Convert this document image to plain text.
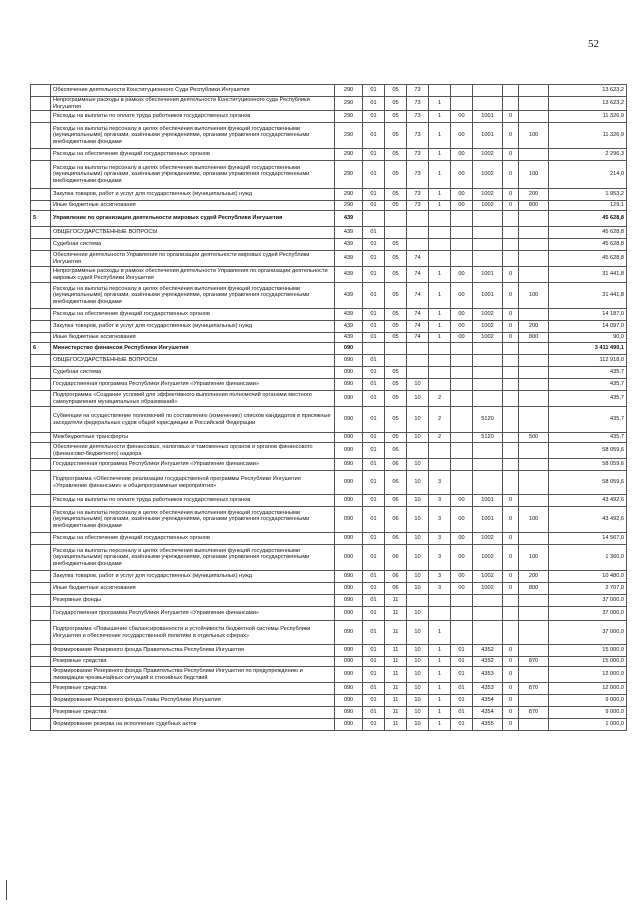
52
	Обеспечение деятельности Конституционного Суда Республики Ингушетия	290	01	05	73						13 623,2
	Непрограммные расходы в рамках обеспечения деятельности Конституционного суда Республики Ингушетия	290	01	05	73	1					13 623,2
	Расходы на выплаты по оплате труда работников государственных органов	290	01	05	73	1	00	1001	0		11 326,9
	Расходы на выплаты персоналу в целях обеспечения выполнения функций государственными (муниципальными) органами, казёнными учреждениями, органами управления государственными внебюджетными фондами	290	01	05	73	1	00	1001	0	100	11 326,9
	Расходы на обеспечение функций государственных органов	290	01	05	73	1	00	1002	0		2 296,3
	Расходы на выплаты персоналу в целях обеспечения выполнения функций государственными (муниципальными) органами, казёнными учреждениями, органами управления государственными внебюджетными фондами	290	01	05	73	1	00	1002	0	100	214,0
	Закупка товаров, работ и услуг для государственных (муниципальных) нужд	290	01	05	73	1	00	1002	0	200	1 953,2
	Иные бюджетные ассигнования	290	01	05	73	1	00	1002	0	800	129,1
5	Управление по организации деятельности мировых судей Республики Ингушетия	439									45 628,8
	ОБЩЕГОСУДАРСТВЕННЫЕ ВОПРОСЫ	439	01								45 628,8
	Судебная система	439	01	05							45 628,8
	Обеспечение деятельности Управления по организации деятельности мировых судей Республики Ингушетия	439	01	05	74						45 628,8
	Непрограммные расходы в рамках обеспечения деятельности Управления по организации деятельности мировых судей Республики Ингушетия	439	01	05	74	1	00	1001	0		31 441,8
	Расходы на выплаты персоналу в целях обеспечения выполнения функций государственными (муниципальными) органами, казёнными учреждениями, органами управления государственными внебюджетными фондами	439	01	05	74	1	00	1001	0	100	31 441,8
	Расходы на обеспечение функций государственных органов	439	01	05	74	1	00	1002	0		14 187,0
	Закупка товаров, работ и услуг для государственных (муниципальных) нужд	439	01	05	74	1	00	1002	0	200	14 097,0
	Иные бюджетные ассигнования	439	01	05	74	1	00	1002	0	800	90,0
6	Министерство финансов Республики Ингушетия	090									3 411 490,1
	ОБЩЕГОСУДАРСТВЕННЫЕ ВОПРОСЫ	090	01								112 918,0
	Судебная система	090	01	05							435,7
	Государственная программа Республики Ингушетия «Управление финансами»	090	01	05	10						435,7
	Подпрограмма «Создание условий для эффективного выполнения полномочий органами местного самоуправления муниципальных образований»	090	01	05	10	2					435,7
	Субвенции на осуществление полномочий по составлению (изменению) списков кандидатов в присяжные заседатели федеральных судов общей юрисдикции в Российской Федерации	090	01	05	10	2		5120			435,7
	Межбюджетные трансферты	090	01	05	10	2		5120		500	435,7
	Обеспечение деятельности финансовых, налоговых и таможенных органов и органов финансового (финансово-бюджетного) надзора	090	01	06							58 059,6
	Государственная программа Республики Ингушетия «Управление финансами»	090	01	06	10						58 059,6
	Подпрограмма «Обеспечение реализации государственной программы Республики Ингушетия «Управление финансами» и общепрограммные мероприятия»	090	01	06	10	3					58 059,6
	Расходы на выплаты по оплате труда работников государственных органов	090	01	06	10	3	00	1001	0		43 492,6
	Расходы на выплаты персоналу в целях обеспечения выполнения функций государственными (муниципальными) органами, казёнными учреждениями, органами управления государственными внебюджетными фондами	090	01	06	10	3	00	1001	0	100	43 492,6
	Расходы на обеспечение функций государственных органов	090	01	06	10	3	00	1002	0		14 567,0
	Расходы на выплаты персоналу в целях обеспечения выполнения функций государственными (муниципальными) органами, казёнными учреждениями, органами управления государственными внебюджетными фондами	090	01	06	10	3	00	1002	0	100	1 360,0
	Закупка товаров, работ и услуг для государственных (муниципальных) нужд	090	01	06	10	3	00	1002	0	200	10 480,0
	Иные бюджетные ассигнования	090	01	06	10	3	00	1002	0	800	2 707,0
	Резервные фонды	090	01	11							37 000,0
	Государственная программа Республики Ингушетия «Управление финансами»	090	01	11	10						37 000,0
	Подпрограмма «Повышение сбалансированности и устойчивости бюджетной системы Республики Ингушетия и обеспечение государственной политики в отдельных сферах»	090	01	11	10	1					37 000,0
	Формирование Резервного фонда Правительства Республики Ингушетия	090	01	11	10	1	01	4352	0		15 000,0
	Резервные средства	090	01	11	10	1	01	4352	0	870	15 000,0
	Формирование Резервного фонда Правительства Республики Ингушетия по предупреждению и ликвидации чрезвычайных ситуаций и стихийных бедствий	090	01	11	10	1	01	4353	0		12 000,0
	Резервные средства	090	01	11	10	1	01	4353	0	870	12 000,0
	Формирование Резервного фонда Главы Республики Ингушетия	090	01	11	10	1	01	4354	0		9 000,0
	Резервные средства	090	01	11	10	1	01	4354	0	870	9 000,0
	Формирование резерва на исполнение судебных актов	090	01	11	10	1	01	4355	0		1 000,0
